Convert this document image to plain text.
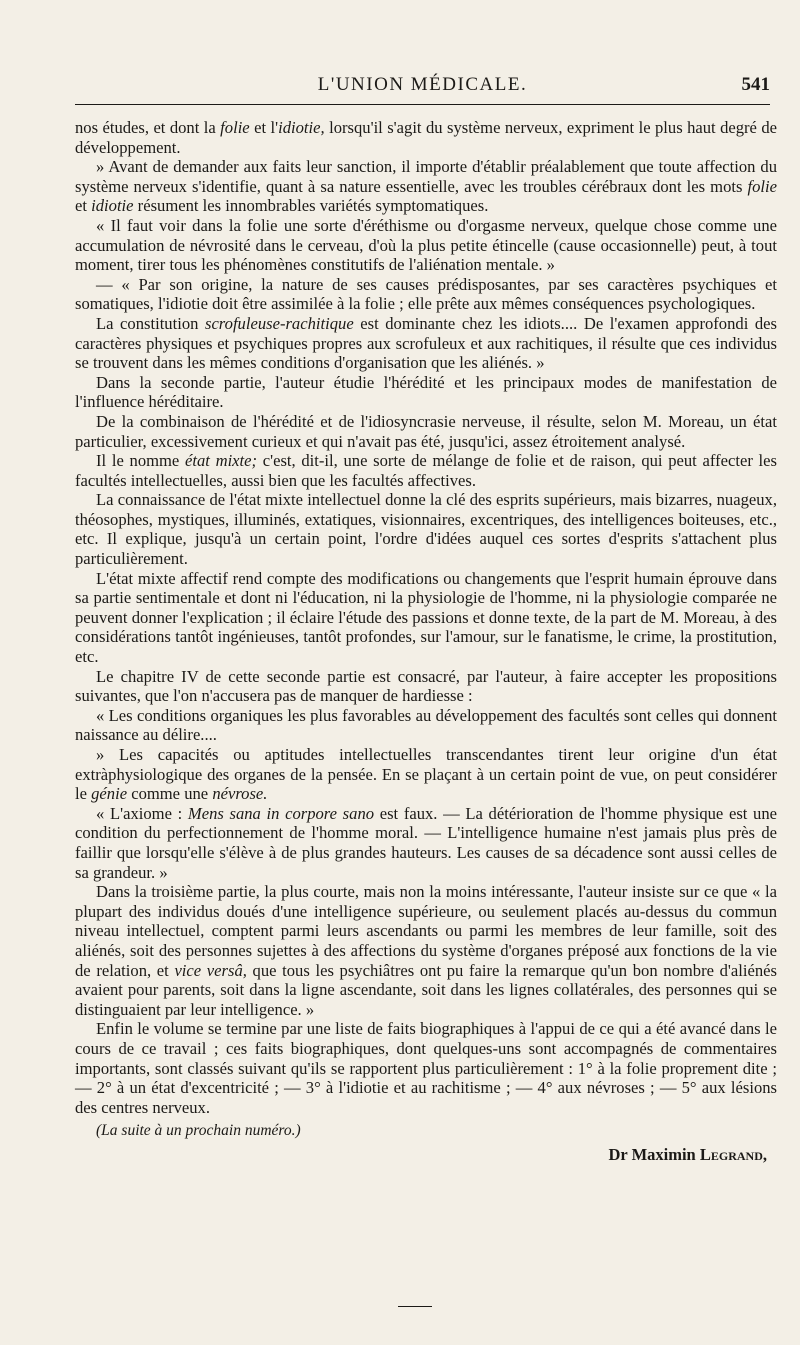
L'UNION MÉDICALE.	541

nos études, et dont la folie et l'idiotie, lorsqu'il s'agit du système nerveux, expriment le plus haut degré de développement.

» Avant de demander aux faits leur sanction, il importe d'établir préalablement que toute affection du système nerveux s'identifie, quant à sa nature essentielle, avec les troubles cérébraux dont les mots folie et idiotie résument les innombrables variétés symptomatiques.

« Il faut voir dans la folie une sorte d'éréthisme ou d'orgasme nerveux, quelque chose comme une accumulation de névrosité dans le cerveau, d'où la plus petite étincelle (cause occasionnelle) peut, à tout moment, tirer tous les phénomènes constitutifs de l'aliénation mentale. »

— « Par son origine, la nature de ses causes prédisposantes, par ses caractères psychiques et somatiques, l'idiotie doit être assimilée à la folie ; elle prête aux mêmes conséquences psychologiques.

La constitution scrofuleuse-rachitique est dominante chez les idiots.... De l'examen approfondi des caractères physiques et psychiques propres aux scrofuleux et aux rachitiques, il résulte que ces individus se trouvent dans les mêmes conditions d'organisation que les aliénés. »

Dans la seconde partie, l'auteur étudie l'hérédité et les principaux modes de manifestation de l'influence héréditaire.

De la combinaison de l'hérédité et de l'idiosyncrasie nerveuse, il résulte, selon M. Moreau, un état particulier, excessivement curieux et qui n'avait pas été, jusqu'ici, assez étroitement analysé.

Il le nomme état mixte; c'est, dit-il, une sorte de mélange de folie et de raison, qui peut affecter les facultés intellectuelles, aussi bien que les facultés affectives.

La connaissance de l'état mixte intellectuel donne la clé des esprits supérieurs, mais bizarres, nuageux, théosophes, mystiques, illuminés, extatiques, visionnaires, excentriques, des intelligences boiteuses, etc., etc. Il explique, jusqu'à un certain point, l'ordre d'idées auquel ces sortes d'esprits s'attachent plus particulièrement.

L'état mixte affectif rend compte des modifications ou changements que l'esprit humain éprouve dans sa partie sentimentale et dont ni l'éducation, ni la physiologie de l'homme, ni la physiologie comparée ne peuvent donner l'explication ; il éclaire l'étude des passions et donne texte, de la part de M. Moreau, à des considérations tantôt ingénieuses, tantôt profondes, sur l'amour, sur le fanatisme, le crime, la prostitution, etc.

Le chapitre IV de cette seconde partie est consacré, par l'auteur, à faire accepter les propositions suivantes, que l'on n'accusera pas de manquer de hardiesse :

« Les conditions organiques les plus favorables au développement des facultés sont celles qui donnent naissance au délire....

» Les capacités ou aptitudes intellectuelles transcendantes tirent leur origine d'un état extràphysiologique des organes de la pensée. En se plaçant à un certain point de vue, on peut considérer le génie comme une névrose.

« L'axiome : Mens sana in corpore sano est faux. — La détérioration de l'homme physique est une condition du perfectionnement de l'homme moral. — L'intelligence humaine n'est jamais plus près de faillir que lorsqu'elle s'élève à de plus grandes hauteurs. Les causes de sa décadence sont aussi celles de sa grandeur. »

Dans la troisième partie, la plus courte, mais non la moins intéressante, l'auteur insiste sur ce que « la plupart des individus doués d'une intelligence supérieure, ou seulement placés au-dessus du commun niveau intellectuel, comptent parmi leurs ascendants ou parmi les membres de leur famille, soit des aliénés, soit des personnes sujettes à des affections du système d'organes préposé aux fonctions de la vie de relation, et vice versâ, que tous les psychiâtres ont pu faire la remarque qu'un bon nombre d'aliénés avaient pour parents, soit dans la ligne ascendante, soit dans les lignes collatérales, des personnes qui se distinguaient par leur intelligence. »

Enfin le volume se termine par une liste de faits biographiques à l'appui de ce qui a été avancé dans le cours de ce travail ; ces faits biographiques, dont quelques-uns sont accompagnés de commentaires importants, sont classés suivant qu'ils se rapportent plus particulièrement : 1° à la folie proprement dite ; — 2° à un état d'excentricité ; — 3° à l'idiotie et au rachitisme ; — 4° aux névroses ; — 5° aux lésions des centres nerveux.

(La suite à un prochain numéro.)

Dr Maximin Legrand,
